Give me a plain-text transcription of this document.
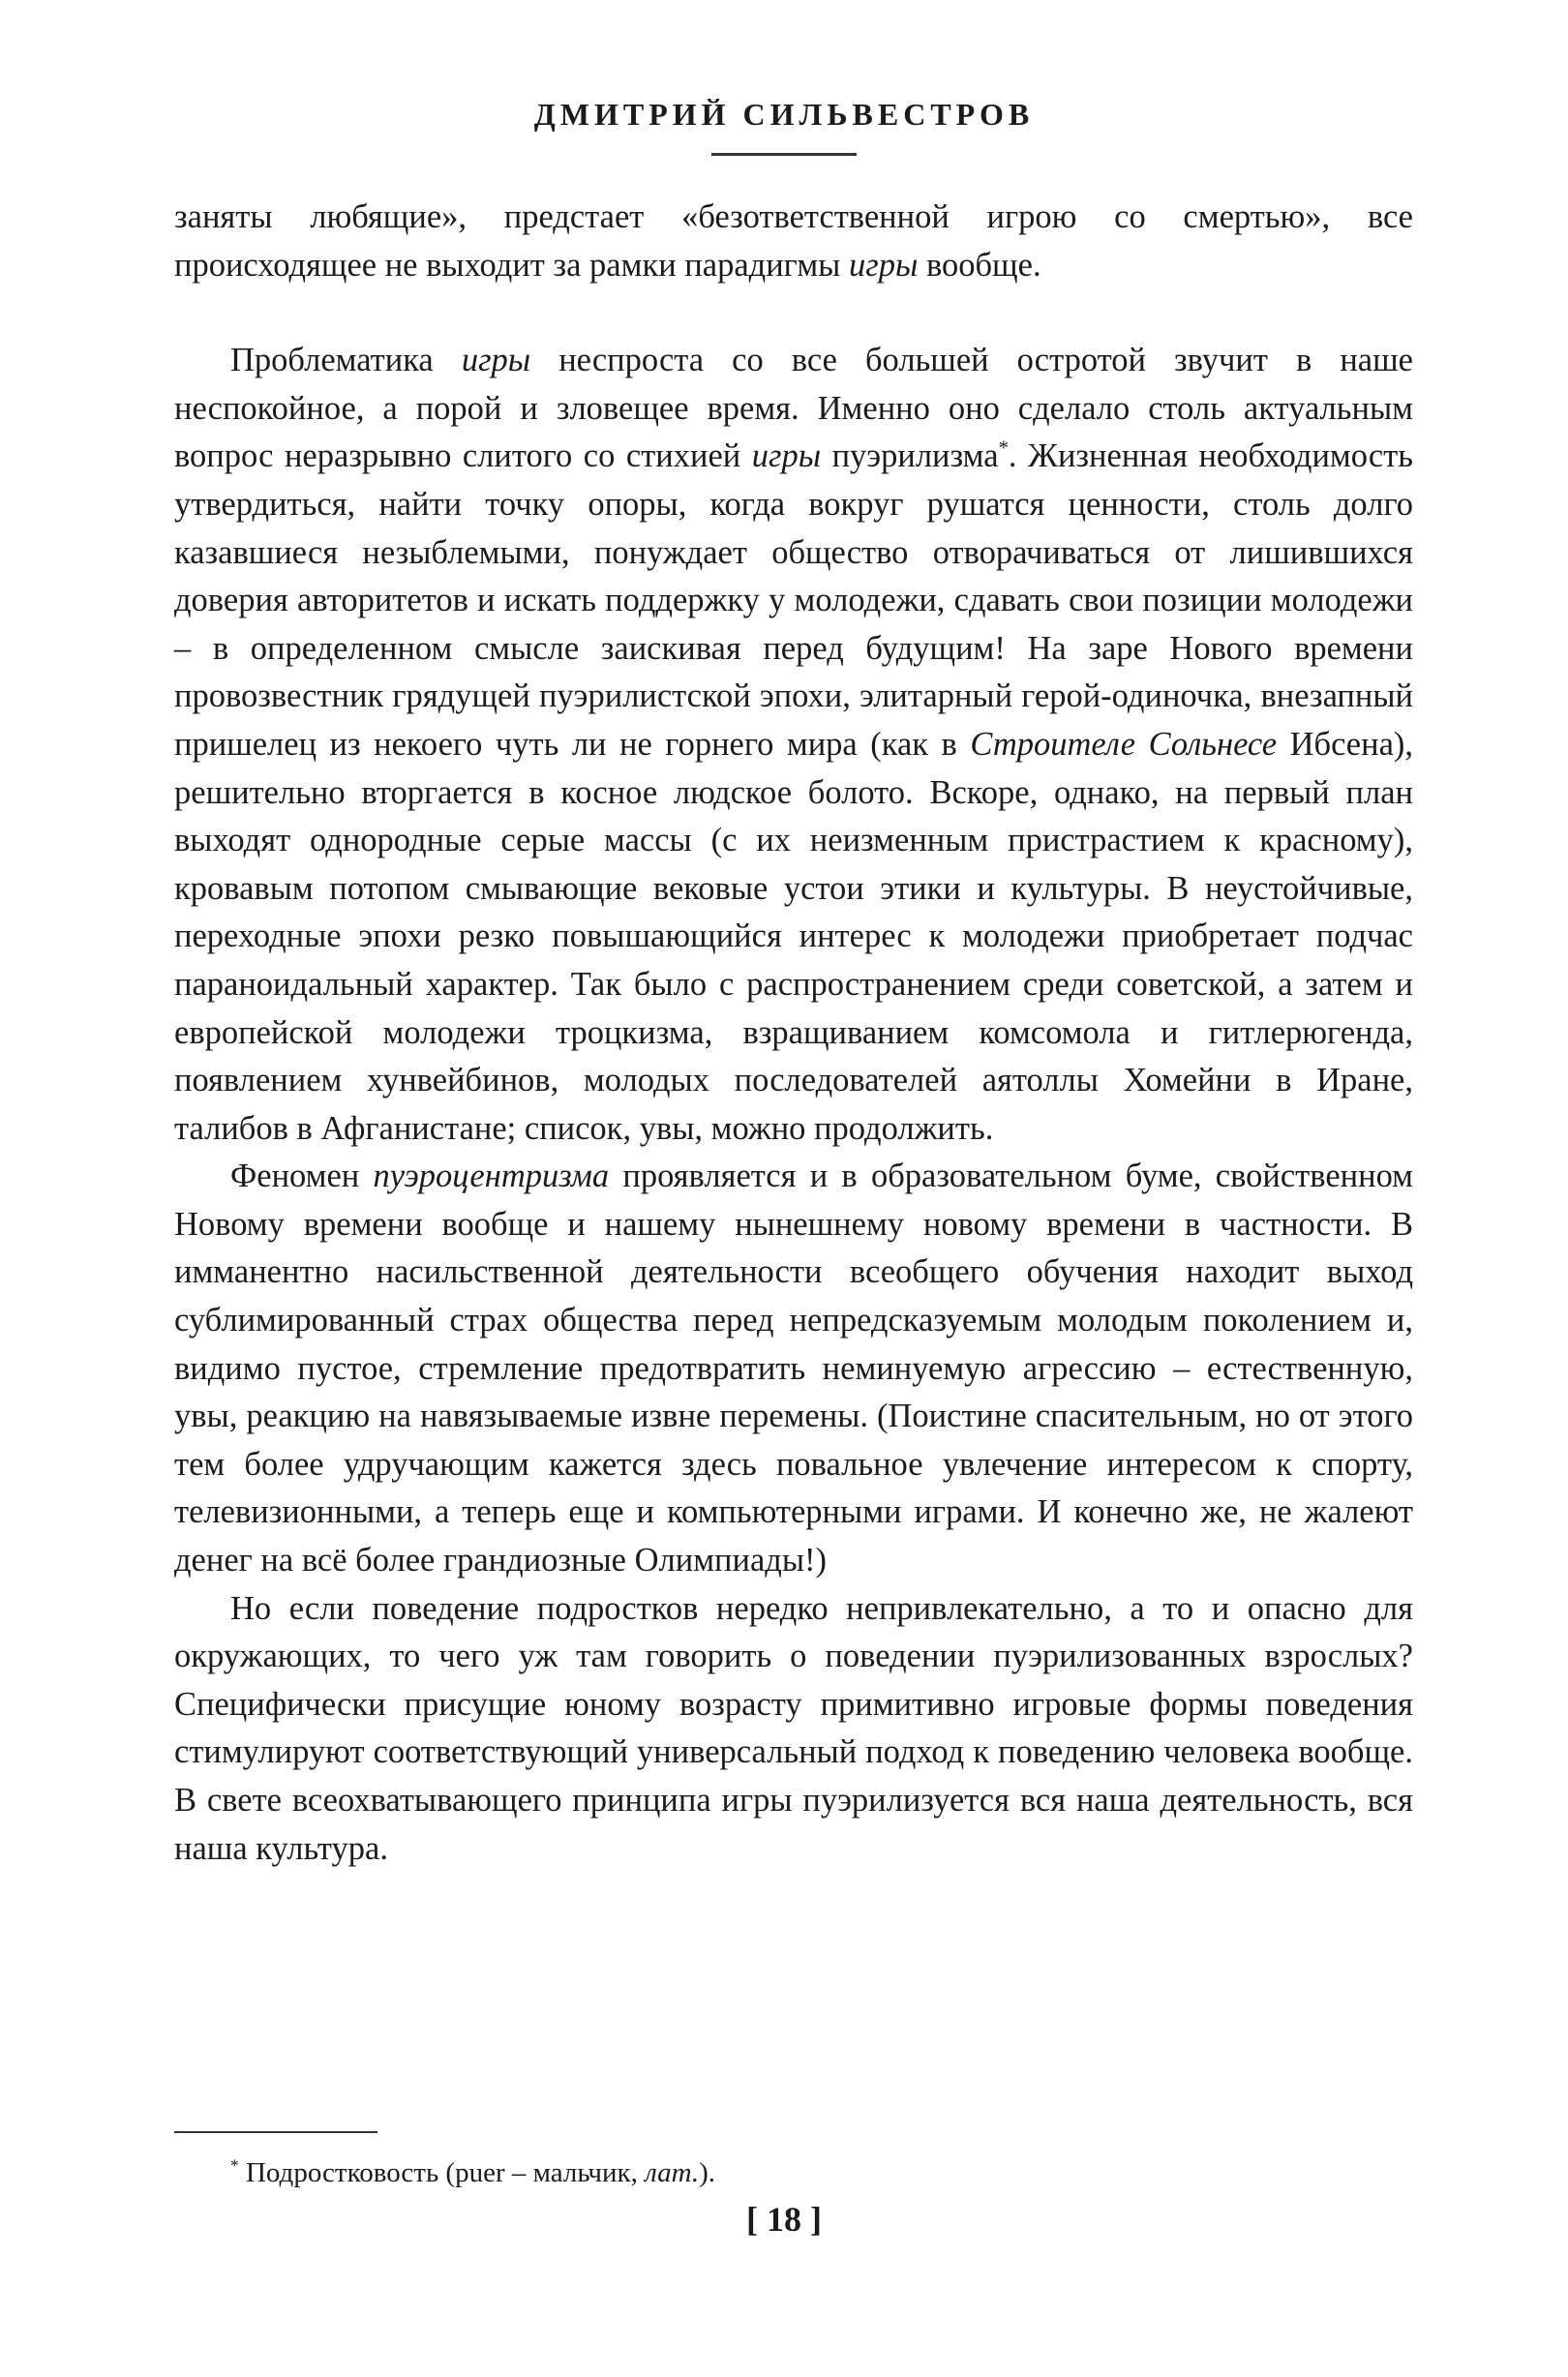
ДМИТРИЙ СИЛЬВЕСТРОВ

заняты любящие», предстает «безответственной игрою со смертью», все происходящее не выходит за рамки парадигмы игры вообще.

Проблематика игры неспроста со все большей остротой звучит в наше неспокойное, а порой и зловещее время. Именно оно сделало столь актуальным вопрос неразрывно слитого со стихией игры пуэрилизма*. Жизненная необходимость утвердиться, найти точку опоры, когда вокруг рушатся ценности, столь долго казавшиеся незыблемыми, понуждает общество отворачиваться от лишившихся доверия авторитетов и искать поддержку у молодежи, сдавать свои позиции молодежи – в определенном смысле заискивая перед будущим! На заре Нового времени провозвестник грядущей пуэрилистской эпохи, элитарный герой-одиночка, внезапный пришелец из некоего чуть ли не горнего мира (как в Строителе Сольнесе Ибсена), решительно вторгается в косное людское болото. Вскоре, однако, на первый план выходят однородные серые массы (с их неизменным пристрастием к красному), кровавым потопом смывающие вековые устои этики и культуры. В неустойчивые, переходные эпохи резко повышающийся интерес к молодежи приобретает подчас параноидальный характер. Так было с распространением среди советской, а затем и европейской молодежи троцкизма, взращиванием комсомола и гитлерюгенда, появлением хунвейбинов, молодых последователей аятоллы Хомейни в Иране, талибов в Афганистане; список, увы, можно продолжить.

Феномен пуэроцентризма проявляется и в образовательном буме, свойственном Новому времени вообще и нашему нынешнему новому времени в частности. В имманентно насильственной деятельности всеобщего обучения находит выход сублимированный страх общества перед непредсказуемым молодым поколением и, видимо пустое, стремление предотвратить неминуемую агрессию – естественную, увы, реакцию на навязываемые извне перемены. (Поистине спасительным, но от этого тем более удручающим кажется здесь повальное увлечение интересом к спорту, телевизионными, а теперь еще и компьютерными играми. И конечно же, не жалеют денег на всё более грандиозные Олимпиады!)

Но если поведение подростков нередко непривлекательно, а то и опасно для окружающих, то чего уж там говорить о поведении пуэрилизованных взрослых? Специфически присущие юному возрасту примитивно игровые формы поведения стимулируют соответствующий универсальный подход к поведению человека вообще. В свете всеохватывающего принципа игры пуэрилизуется вся наша деятельность, вся наша культура.

* Подростковость (puer – мальчик, лат.).
[ 18 ]
